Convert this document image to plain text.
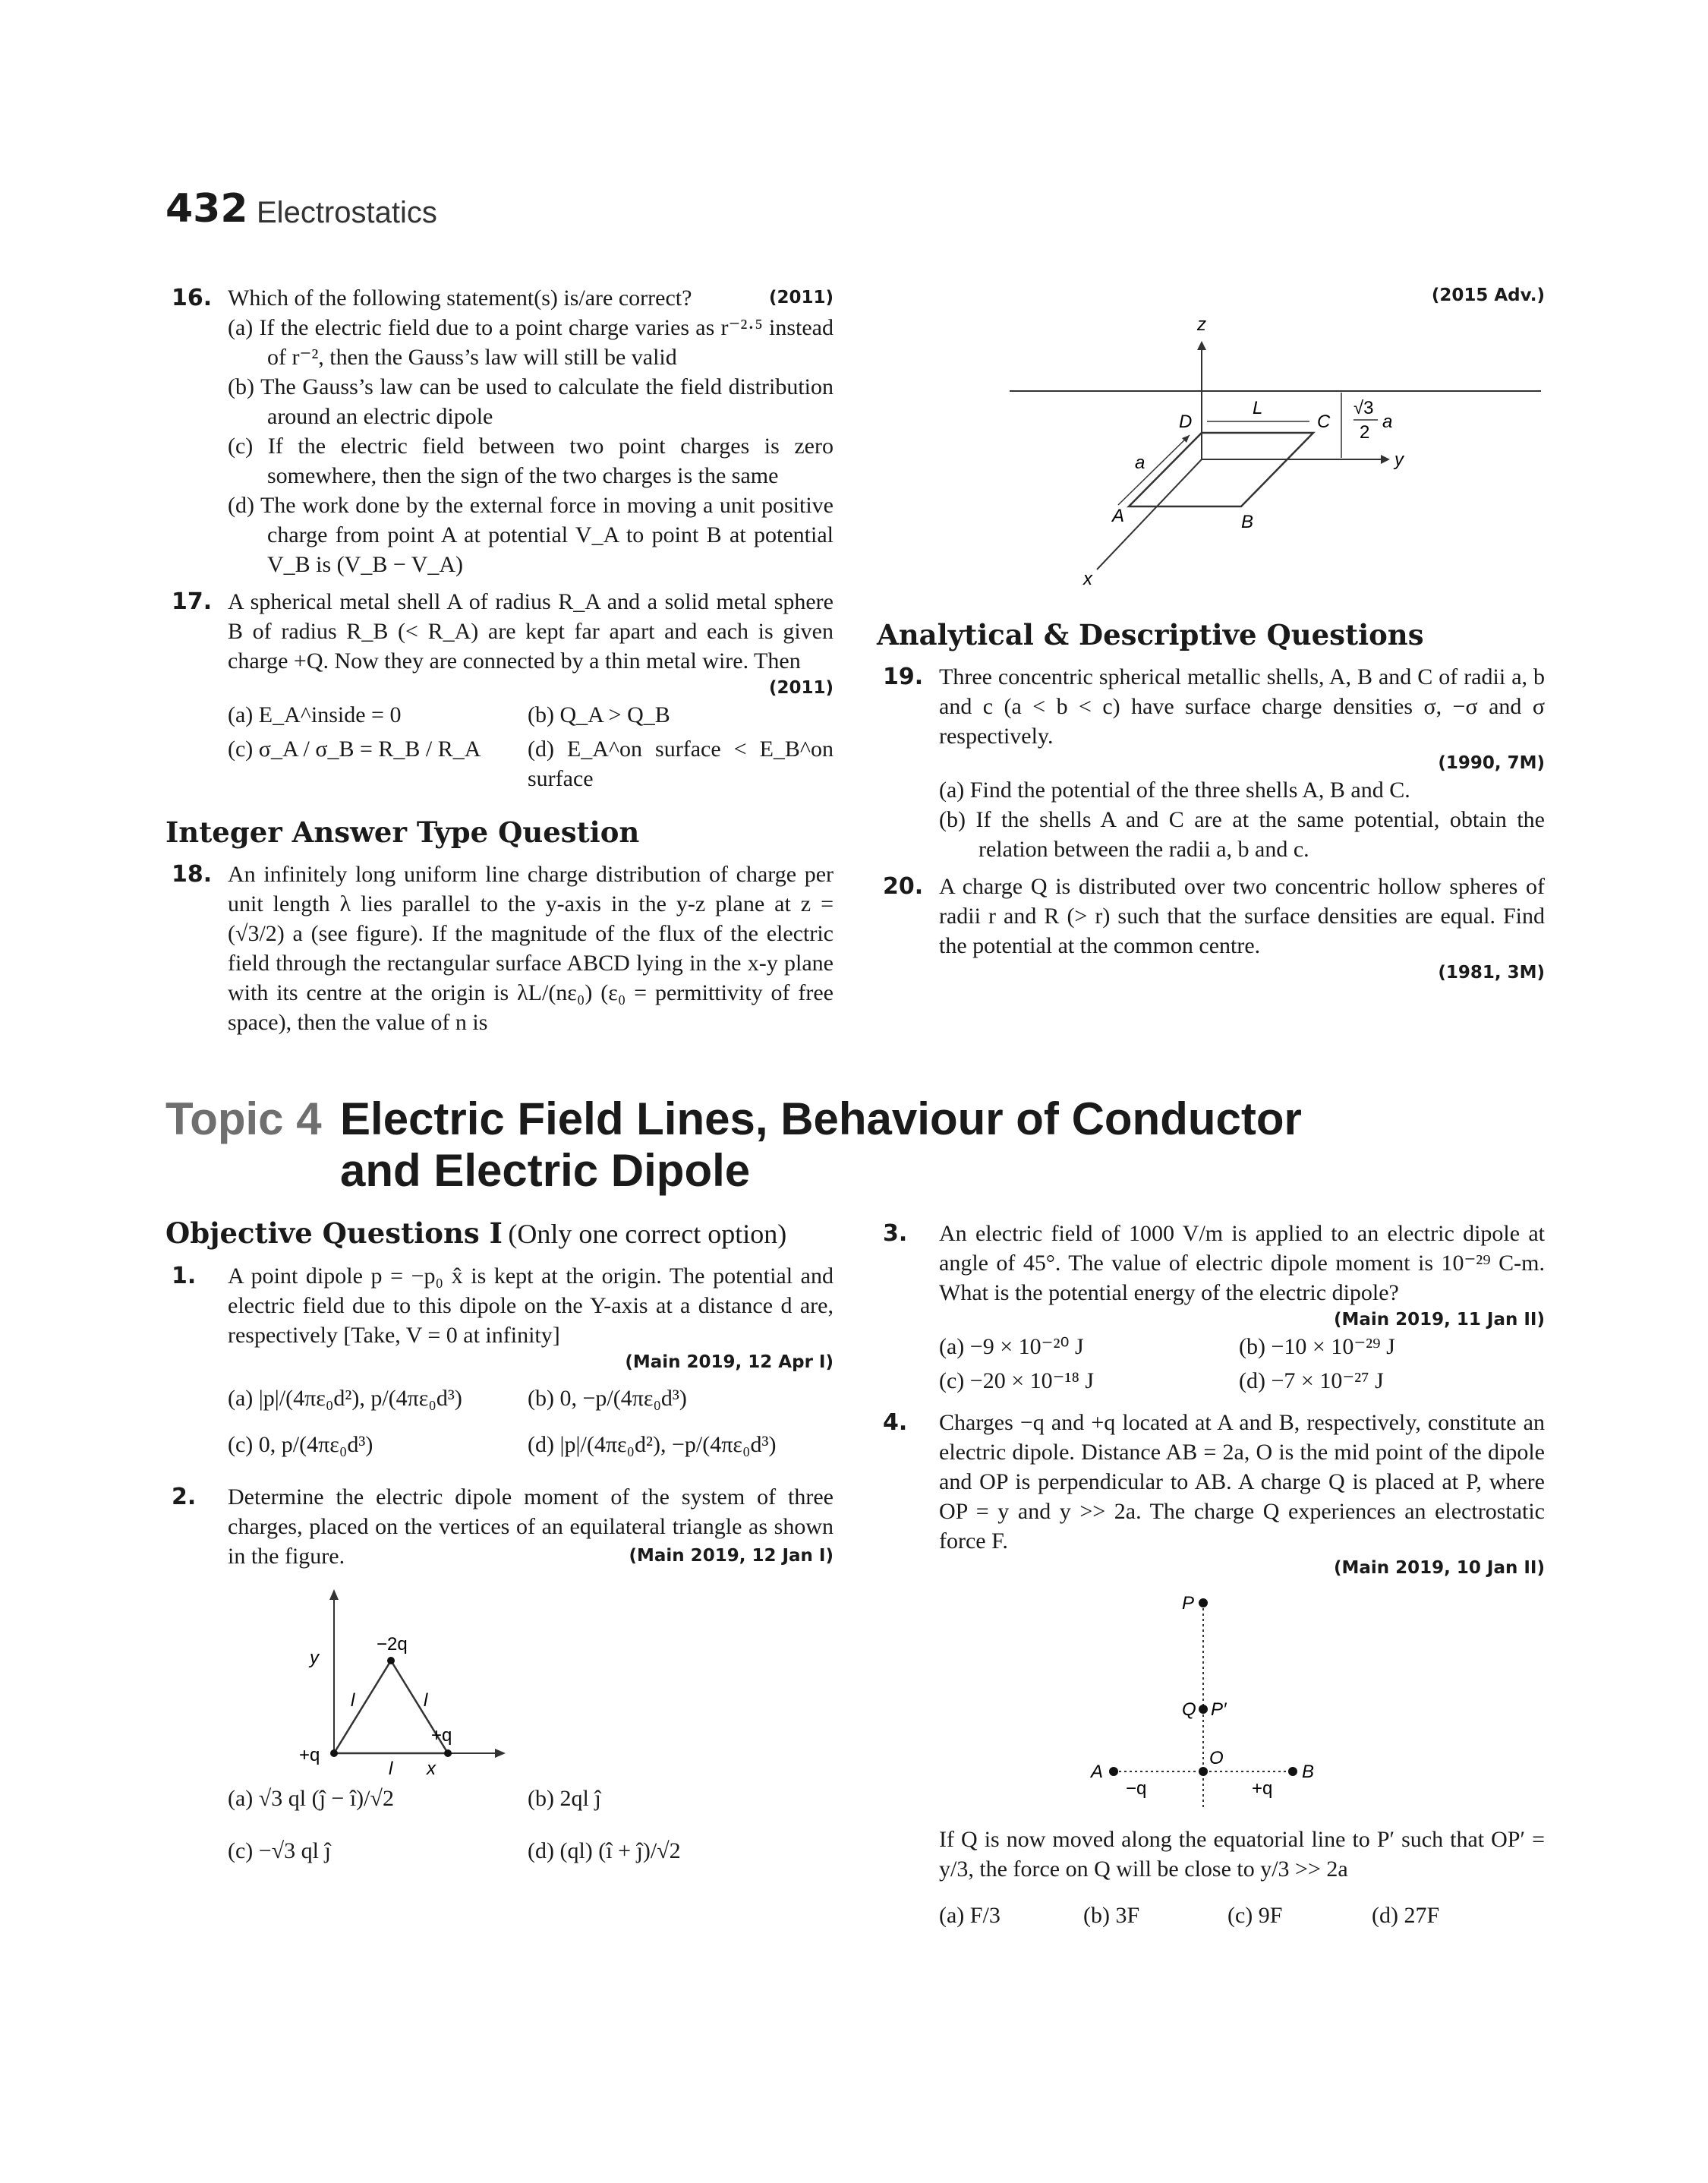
432 Electrostatics
16.	(2011)
Which of the following statement(s) is/are correct?
(a) If the electric field due to a point charge varies as r⁻²·⁵ instead of r⁻², then the Gauss’s law will still be valid
(b) The Gauss’s law can be used to calculate the field distribution around an electric dipole
(c) If the electric field between two point charges is zero somewhere, then the sign of the two charges is the same
(d) The work done by the external force in moving a unit positive charge from point A at potential V_A to point B at potential V_B is (V_B − V_A)
17. A spherical metal shell A of radius R_A and a solid metal sphere B of radius R_B (< R_A) are kept far apart and each is given charge +Q. Now they are connected by a thin metal wire. Then
(2011)
(a) E_A^inside = 0	(b) Q_A > Q_B
(c) σ_A / σ_B = R_B / R_A	(d) E_A^on surface < E_B^on surface
Integer Answer Type Question
18. An infinitely long uniform line charge distribution of charge per unit length λ lies parallel to the y-axis in the y-z plane at z = (√3/2) a (see figure). If the magnitude of the flux of the electric field through the rectangular surface ABCD lying in the x-y plane with its centre at the origin is λL/(nε₀) (ε₀ = permittivity of free space), then the value of n is
(2015 Adv.)
z
y
x
D	C
A	B
L
a
√3
2
a
Analytical & Descriptive Questions
19. Three concentric spherical metallic shells, A, B and C of radii a, b and c (a < b < c) have surface charge densities σ, −σ and σ respectively.
(1990, 7M)
(a) Find the potential of the three shells A, B and C.
(b) If the shells A and C are at the same potential, obtain the relation between the radii a, b and c.
20. A charge Q is distributed over two concentric hollow spheres of radii r and R (> r) such that the surface densities are equal. Find the potential at the common centre.
(1981, 3M)
Topic 4 Electric Field Lines, Behaviour of Conductor
and Electric Dipole
Objective Questions I (Only one correct option)
1. A point dipole p = −p₀ x̂ is kept at the origin. The potential and electric field due to this dipole on the Y-axis at a distance d are, respectively [Take, V = 0 at infinity]
(Main 2019, 12 Apr I)
(a) |p|/(4πε₀d²), p/(4πε₀d³)	(b) 0, −p/(4πε₀d³)
(c) 0, p/(4πε₀d³)	(d) |p|/(4πε₀d²), −p/(4πε₀d³)
2.
(Main 2019, 12 Jan I)
Determine the electric dipole moment of the system of three charges, placed on the vertices of an equilateral triangle as shown in the figure.
y
x
−2q
+q
+q
l	l
l
(a) √3 ql (ĵ − î)/√2	(b) 2ql ĵ
(c) −√3 ql ĵ	(d) (ql) (î + ĵ)/√2
3. An electric field of 1000 V/m is applied to an electric dipole at angle of 45°. The value of electric dipole moment is 10⁻²⁹ C-m. What is the potential energy of the electric dipole?
(Main 2019, 11 Jan II)
(a) −9 × 10⁻²⁰ J	(b) −10 × 10⁻²⁹ J
(c) −20 × 10⁻¹⁸ J	(d) −7 × 10⁻²⁷ J
4. Charges −q and +q located at A and B, respectively, constitute an electric dipole. Distance AB = 2a, O is the mid point of the dipole and OP is perpendicular to AB. A charge Q is placed at P, where OP = y and y >> 2a. The charge Q experiences an electrostatic force F.
(Main 2019, 10 Jan II)
P
Q P′
O
A	B
−q	+q
If Q is now moved along the equatorial line to P′ such that OP′ = y/3, the force on Q will be close to y/3 >> 2a
(a) F/3	(b) 3F	(c) 9F	(d) 27F
